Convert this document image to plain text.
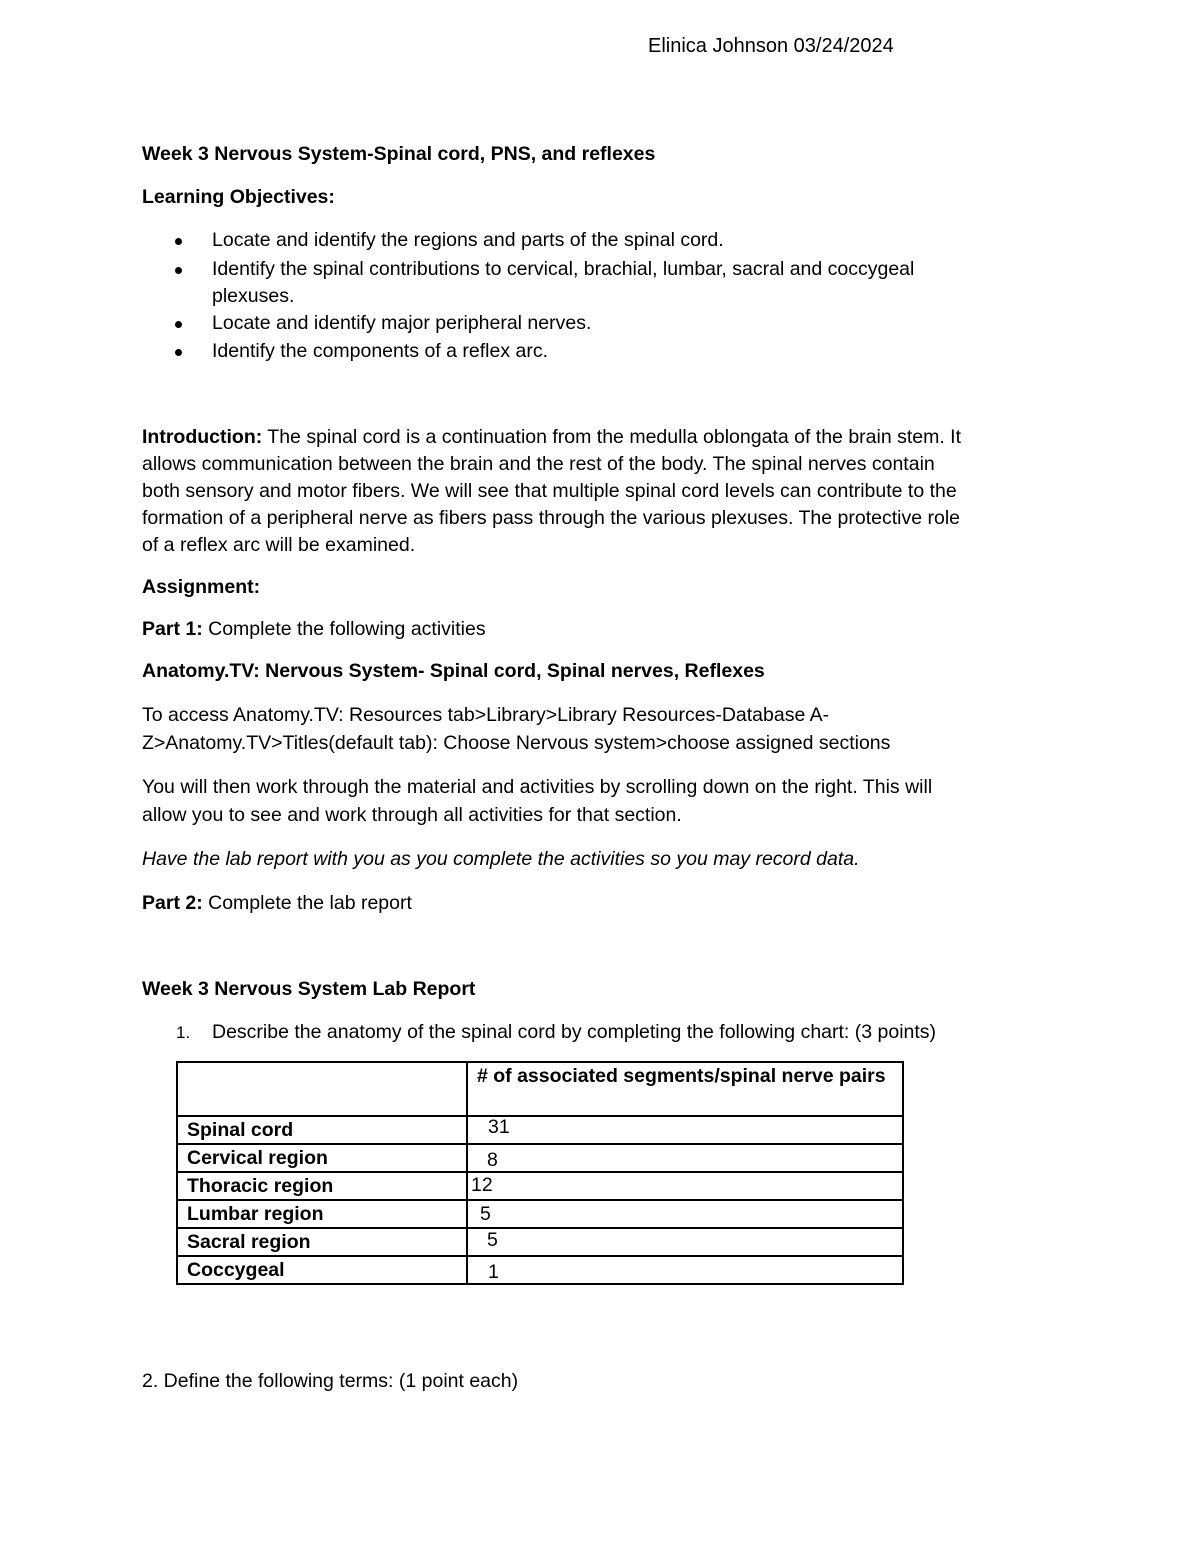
Elinica Johnson 03/24/2024
Week 3 Nervous System-Spinal cord, PNS, and reflexes
Learning Objectives:
Locate and identify the regions and parts of the spinal cord.
Identify the spinal contributions to cervical, brachial, lumbar, sacral and coccygeal
plexuses.
Locate and identify major peripheral nerves.
Identify the components of a reflex arc.
Introduction: The spinal cord is a continuation from the medulla oblongata of the brain stem. It
allows communication between the brain and the rest of the body. The spinal nerves contain
both sensory and motor fibers. We will see that multiple spinal cord levels can contribute to the
formation of a peripheral nerve as fibers pass through the various plexuses. The protective role
of a reflex arc will be examined.
Assignment:
Part 1: Complete the following activities
Anatomy.TV: Nervous System- Spinal cord, Spinal nerves, Reflexes
To access Anatomy.TV: Resources tab>Library>Library Resources-Database A-
Z>Anatomy.TV>Titles(default tab): Choose Nervous system>choose assigned sections
You will then work through the material and activities by scrolling down on the right. This will
allow you to see and work through all activities for that section.
Have the lab report with you as you complete the activities so you may record data.
Part 2: Complete the lab report
Week 3 Nervous System Lab Report
1. Describe the anatomy of the spinal cord by completing the following chart: (3 points)
	# of associated segments/spinal nerve pairs
Spinal cord	31
Cervical region	8
Thoracic region	12
Lumbar region	5
Sacral region	5
Coccygeal	1
2. Define the following terms: (1 point each)
